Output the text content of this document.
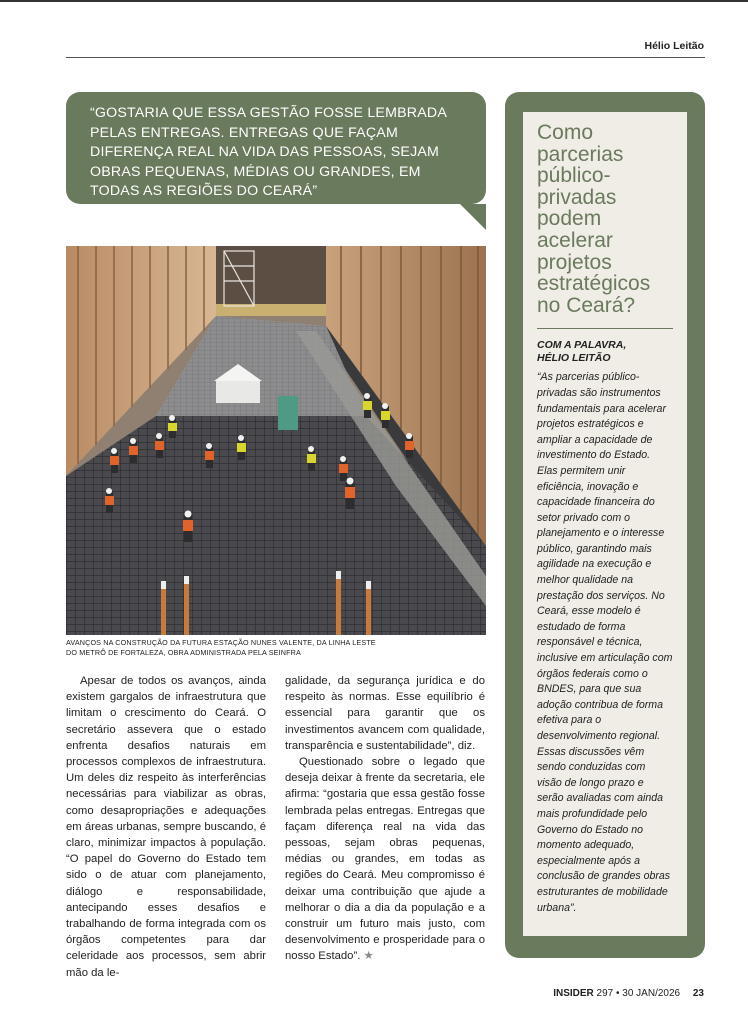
Hélio Leitão
“GOSTARIA QUE ESSA GESTÃO FOSSE LEMBRADA PELAS ENTREGAS. ENTREGAS QUE FAÇAM DIFERENÇA REAL NA VIDA DAS PESSOAS, SEJAM OBRAS PEQUENAS, MÉDIAS OU GRANDES, EM TODAS AS REGIÕES DO CEARÁ”
AVANÇOS NA CONSTRUÇÃO DA FUTURA ESTAÇÃO NUNES VALENTE, DA LINHA LESTE
DO METRÔ DE FORTALEZA, OBRA ADMINISTRADA PELA SEINFRA

Apesar de todos os avanços, ainda existem gargalos de infraestrutura que limitam o crescimento do Ceará. O secretário assevera que o estado enfrenta desafios naturais em processos complexos de infraestrutura. Um deles diz respeito às interferências necessárias para viabilizar as obras, como desapropriações e adequações em áreas urbanas, sempre buscando, é claro, minimizar impactos à população. “O papel do Governo do Estado tem sido o de atuar com planejamento, diálogo e responsabilidade, antecipando esses desafios e trabalhando de forma integrada com os órgãos competentes para dar celeridade aos processos, sem abrir mão da le-

galidade, da segurança jurídica e do respeito às normas. Esse equilíbrio é essencial para garantir que os investimentos avancem com qualidade, transparência e sustentabilidade”, diz.

Questionado sobre o legado que deseja deixar à frente da secretaria, ele afirma: “gostaria que essa gestão fosse lembrada pelas entregas. Entregas que façam diferença real na vida das pessoas, sejam obras pequenas, médias ou grandes, em todas as regiões do Ceará. Meu compromisso é deixar uma contribuição que ajude a melhorar o dia a dia da população e a construir um futuro mais justo, com desenvolvimento e prosperidade para o nosso Estado”. ★

Como parcerias público-privadas podem acelerar projetos estratégicos no Ceará?
COM A PALAVRA,
HÉLIO LEITÃO
“As parcerias público-privadas são instrumentos fundamentais para acelerar projetos estratégicos e ampliar a capacidade de investimento do Estado. Elas permitem unir eficiência, inovação e capacidade financeira do setor privado com o planejamento e o interesse público, garantindo mais agilidade na execução e melhor qualidade na prestação dos serviços. No Ceará, esse modelo é estudado de forma responsável e técnica, inclusive em articulação com órgãos federais como o BNDES, para que sua adoção contribua de forma efetiva para o desenvolvimento regional. Essas discussões vêm sendo conduzidas com visão de longo prazo e serão avaliadas com ainda mais profundidade pelo Governo do Estado no momento adequado, especialmente após a conclusão de grandes obras estruturantes de mobilidade urbana”.
INSIDER 297 • 30 JAN/2026 23
